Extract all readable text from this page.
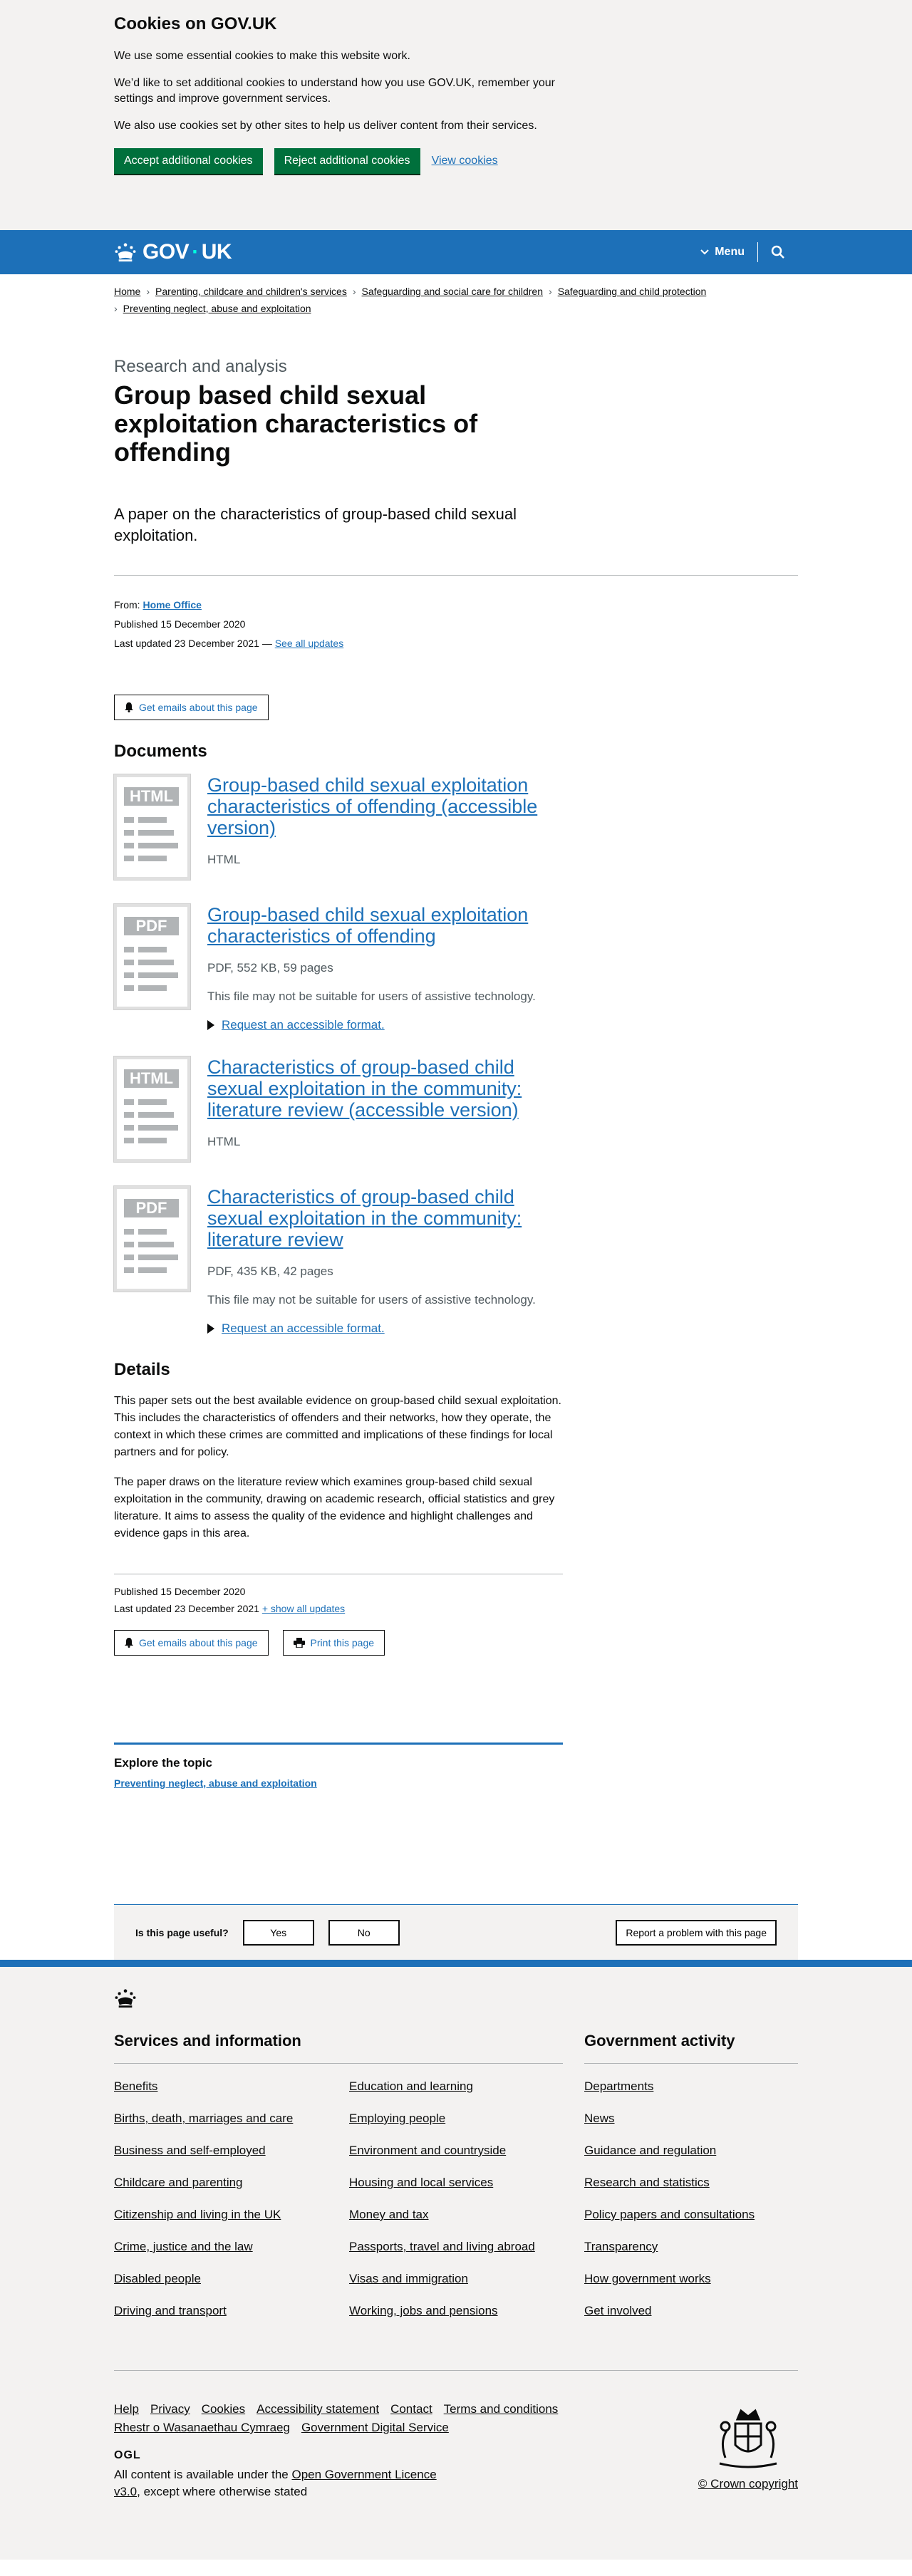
Cookies on GOV.UK

We use some essential cookies to make this website work.

We’d like to set additional cookies to understand how you use GOV.UK, remember your settings and improve government services.

We also use cookies set by other sites to help us deliver content from their services.

Accept additional cookies	Reject additional cookies	View cookies
GOV · UK	Menu
Home › Parenting, childcare and children's services › Safeguarding and social care for children › Safeguarding and child protection
› Preventing neglect, abuse and exploitation
Research and analysis
Group based child sexual exploitation characteristics of offending

A paper on the characteristics of group-based child sexual exploitation.

From: Home Office
Published 15 December 2020
Last updated 23 December 2021 — See all updates
Get emails about this page
Documents
HTML
Group-based child sexual exploitation characteristics of offending (accessible version)
HTML
PDF
Group-based child sexual exploitation characteristics of offending
PDF, 552 KB, 59 pages
This file may not be suitable for users of assistive technology.
Request an accessible format.
HTML
Characteristics of group-based child sexual exploitation in the community: literature review (accessible version)
HTML
PDF
Characteristics of group-based child sexual exploitation in the community: literature review
PDF, 435 KB, 42 pages
This file may not be suitable for users of assistive technology.
Request an accessible format.
Details

This paper sets out the best available evidence on group-based child sexual exploitation. This includes the characteristics of offenders and their networks, how they operate, the context in which these crimes are committed and implications of these findings for local partners and for policy.

The paper draws on the literature review which examines group-based child sexual exploitation in the community, drawing on academic research, official statistics and grey literature. It aims to assess the quality of the evidence and highlight challenges and evidence gaps in this area.

Published 15 December 2020
Last updated 23 December 2021 + show all updates
Get emails about this page	Print this page
Explore the topic
Preventing neglect, abuse and exploitation
Is this page useful?	Yes	No	Report a problem with this page
Services and information
Benefits	Education and learning
Births, death, marriages and care	Employing people
Business and self-employed	Environment and countryside
Childcare and parenting	Housing and local services
Citizenship and living in the UK	Money and tax
Crime, justice and the law	Passports, travel and living abroad
Disabled people	Visas and immigration
Driving and transport	Working, jobs and pensions
Government activity
Departments
News
Guidance and regulation
Research and statistics
Policy papers and consultations
Transparency
How government works
Get involved
Help Privacy Cookies Accessibility statement Contact Terms and conditions
Rhestr o Wasanaethau Cymraeg Government Digital Service
OGL
All content is available under the Open Government Licence v3.0, except where otherwise stated
© Crown copyright
